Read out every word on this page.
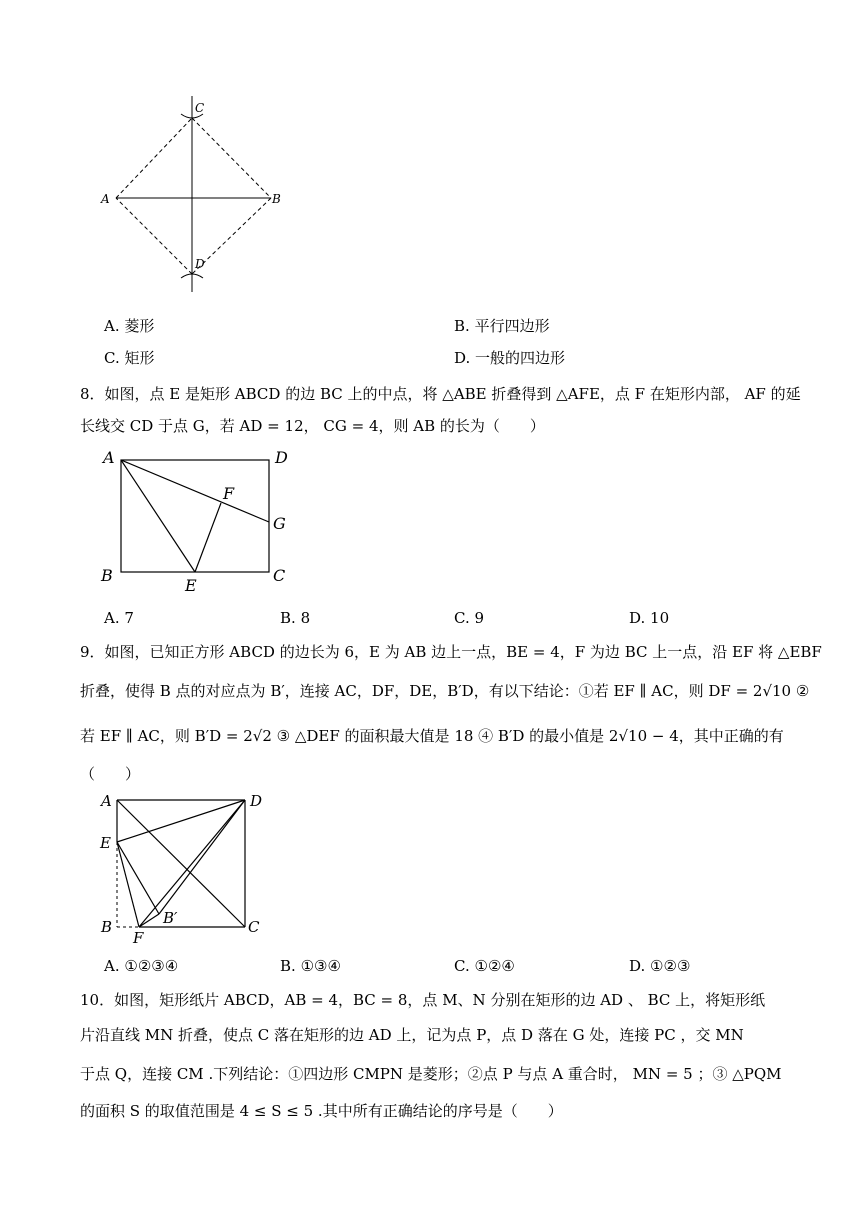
A	B
C
D
A. 菱形	B. 平行四边形
C. 矩形	D. 一般的四边形
8．如图，点 E 是矩形 ABCD 的边 BC 上的中点，将 △ABE 折叠得到 △AFE，点 F 在矩形内部， AF 的延
长线交 CD 于点 G，若 AD = 12， CG = 4，则 AB 的长为（　　）
A	D
B	C
E
F
G
A. 7	B. 8	C. 9	D. 10
9．如图，已知正方形 ABCD 的边长为 6，E 为 AB 边上一点，BE = 4，F 为边 BC 上一点，沿 EF 将 △EBF
折叠，使得 B 点的对应点为 B′，连接 AC，DF，DE，B′D，有以下结论：①若 EF ∥ AC，则 DF = 2√10 ②
若 EF ∥ AC，则 B′D = 2√2 ③ △DEF 的面积最大值是 18 ④ B′D 的最小值是 2√10 − 4，其中正确的有
（　　）
A	D
E
B
F
B′	C
A. ①②③④	B. ①③④	C. ①②④	D. ①②③
10．如图，矩形纸片 ABCD，AB = 4，BC = 8，点 M、N 分别在矩形的边 AD 、 BC 上，将矩形纸
片沿直线 MN 折叠，使点 C 落在矩形的边 AD 上，记为点 P，点 D 落在 G 处，连接 PC ，交 MN
于点 Q，连接 CM .下列结论：①四边形 CMPN 是菱形；②点 P 与点 A 重合时， MN = 5 ；③ △PQM
的面积 S 的取值范围是 4 ≤ S ≤ 5 .其中所有正确结论的序号是（　　）
